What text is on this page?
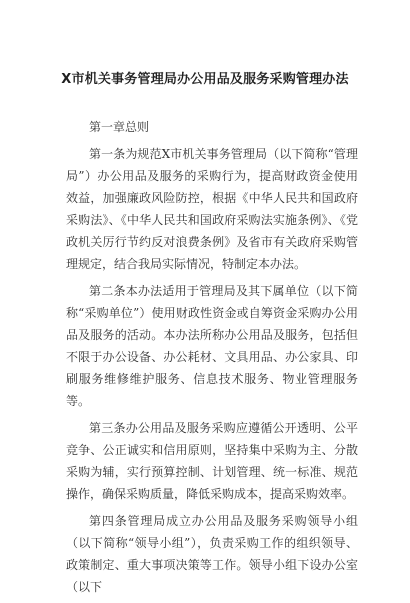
X市机关事务管理局办公用品及服务采购管理办法

第一章总则

第一条为规范X市机关事务管理局（以下简称“管理局”）办公用品及服务的采购行为，提高财政资金使用效益，加强廉政风险防控，根据《中华人民共和国政府采购法》、《中华人民共和国政府采购法实施条例》、《党政机关厉行节约反对浪费条例》及省市有关政府采购管理规定，结合我局实际情况，特制定本办法。

第二条本办法适用于管理局及其下属单位（以下简称“采购单位”）使用财政性资金或自筹资金采购办公用品及服务的活动。本办法所称办公用品及服务，包括但不限于办公设备、办公耗材、文具用品、办公家具、印刷服务维修维护服务、信息技术服务、物业管理服务等。

第三条办公用品及服务采购应遵循公开透明、公平竞争、公正诚实和信用原则，坚持集中采购为主、分散采购为辅，实行预算控制、计划管理、统一标准、规范操作，确保采购质量，降低采购成本，提高采购效率。

第四条管理局成立办公用品及服务采购领导小组（以下简称“领导小组”），负责采购工作的组织领导、政策制定、重大事项决策等工作。领导小组下设办公室（以下
